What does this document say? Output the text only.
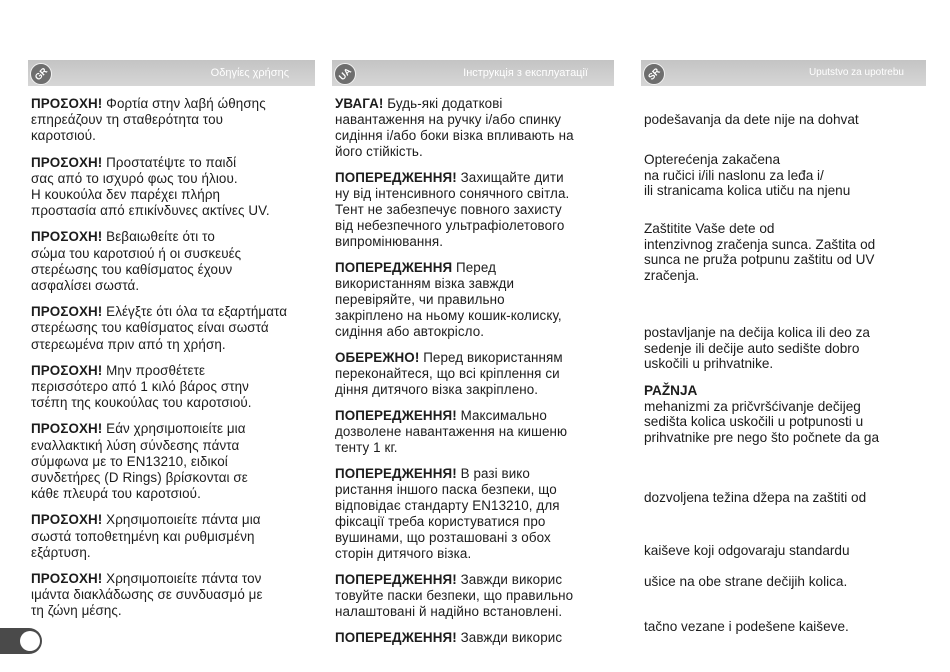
GR	Οδηγίες χρήσης

ΠΡΟΣΟΧΗ! Φορτία στην λαβή ώθησης
επηρεάζουν τη σταθερότητα του
καροτσιού.

ΠΡΟΣΟΧΗ! Προστατέψτε το παιδί
σας από το ισχυρό φως του ήλιου.
Η κουκούλα δεν παρέχει πλήρη
προστασία από επικίνδυνες ακτίνες UV.

ΠΡΟΣΟΧΗ! Βεβαιωθείτε ότι το
σώμα του καροτσιού ή οι συσκευές
στερέωσης του καθίσματος έχουν
ασφαλίσει σωστά.

ΠΡΟΣΟΧΗ! Ελέγξτε ότι όλα τα εξαρτήματα
στερέωσης του καθίσματος είναι σωστά
στερεωμένα πριν από τη χρήση.

ΠΡΟΣΟΧΗ! Μην προσθέτετε
περισσότερο από 1 κιλό βάρος στην
τσέπη της κουκούλας του καροτσιού.

ΠΡΟΣΟΧΗ! Εάν χρησιμοποιείτε μια
εναλλακτική λύση σύνδεσης πάντα
σύμφωνα με το EN13210, ειδικοί
συνδετήρες (D Rings) βρίσκονται σε
κάθε πλευρά του καροτσιού.

ΠΡΟΣΟΧΗ! Χρησιμοποιείτε πάντα μια
σωστά τοποθετημένη και ρυθμισμένη
εξάρτυση.

ΠΡΟΣΟΧΗ! Χρησιμοποιείτε πάντα τον
ιμάντα διακλάδωσης σε συνδυασμό με
τη ζώνη μέσης.

UA	Інструкція з експлуатації

УВАГА! Будь-які додаткові
навантаження на ручку і/або спинку
сидіння і/або боки візка впливають на
його стійкість.

ПОПЕРЕДЖЕННЯ! Захищайте дити
ну від інтенсивного сонячного світла.
Тент не забезпечує повного захисту
від небезпечного ультрафіолетового
випромінювання.

ПОПЕРЕДЖЕННЯ Перед
використанням візка завжди
перевіряйте, чи правильно
закріплено на ньому кошик-колиску,
сидіння або автокрісло.

ОБЕРЕЖНО! Перед використанням
переконайтеся, що всі кріплення си
діння дитячого візка закріплено.

ПОПЕРЕДЖЕННЯ! Максимально
дозволене навантаження на кишеню
тенту 1 кг.

ПОПЕРЕДЖЕННЯ! В разі вико
ристання іншого паска безпеки, що
відповідає стандарту EN13210, для
фіксації треба користуватися про
вушинами, що розташовані з обох
сторін дитячого візка.

ПОПЕРЕДЖЕННЯ! Завжди викорис
товуйте паски безпеки, що правильно
налаштовані й надійно встановлені.

ПОПЕРЕДЖЕННЯ! Завжди викорис

SR	Uputstvo za upotrebu
podešavanja da dete nije na dohvat
Opterećenja zakačena
na ručici i/ili naslonu za leđa i/
ili stranicama kolica utiču na njenu
Zaštitite Vaše dete od
intenzivnog zračenja sunca. Zaštita od
sunca ne pruža potpunu zaštitu od UV
zračenja.
postavljanje na dečija kolica ili deo za
sedenje ili dečije auto sedište dobro
uskočili u prihvatnike.
PAŽNJA
mehanizmi za pričvršćivanje dečijeg
sedišta kolica uskočili u potpunosti u
prihvatnike pre nego što počnete da ga
dozvoljena težina džepa na zaštiti od
kaiševe koji odgovaraju standardu
ušice na obe strane dečijih kolica.
tačno vezane i podešene kaiševe.
